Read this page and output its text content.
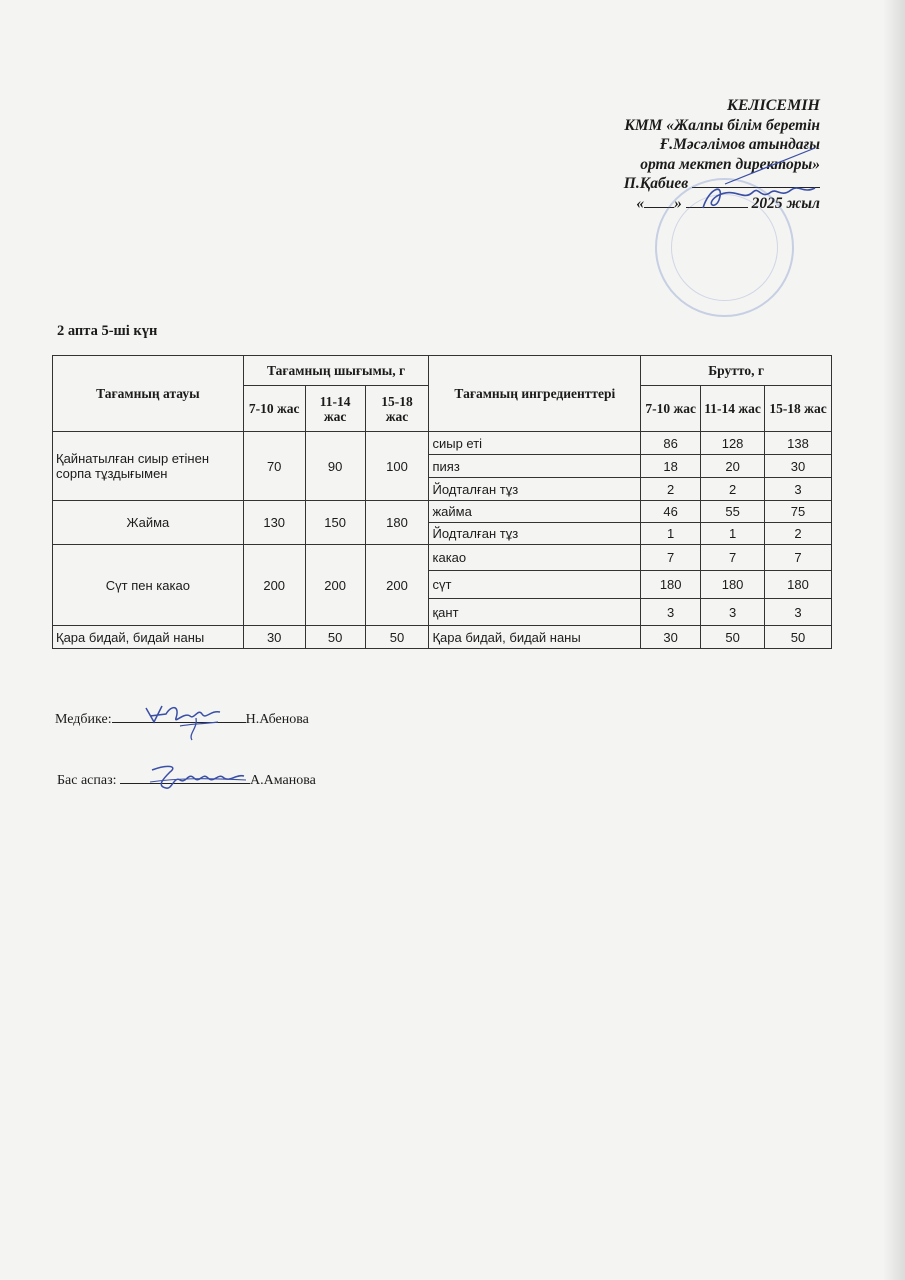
КЕЛІСЕМІН
КММ «Жалпы білім беретін
Ғ.Мәсәлімов атындағы
орта мектеп директоры»
П.Қабиев
« »	2025 жыл
2 апта 5-ші күн
Тағамның атауы	Тағамның шығымы, г			Тағамның ингредиенттері	Брутто, г		
	7-10 жас	11-14 жас	15-18 жас		7-10 жас	11-14 жас	15-18 жас
Қайнатылған сиыр етінен сорпа тұздығымен	70	90	100	сиыр еті	86	128	138
				пияз	18	20	30
				Йодталған тұз	2	2	3
Жайма	130	150	180	жайма	46	55	75
				Йодталған тұз	1	1	2
Сүт пен какао	200	200	200	какао	7	7	7
				сүт	180	180	180
				қант	3	3	3
Қара бидай, бидай наны	30	50	50	Қара бидай, бидай наны	30	50	50
Медбике:	Н.Абенова
Бас аспаз:	А.Аманова
